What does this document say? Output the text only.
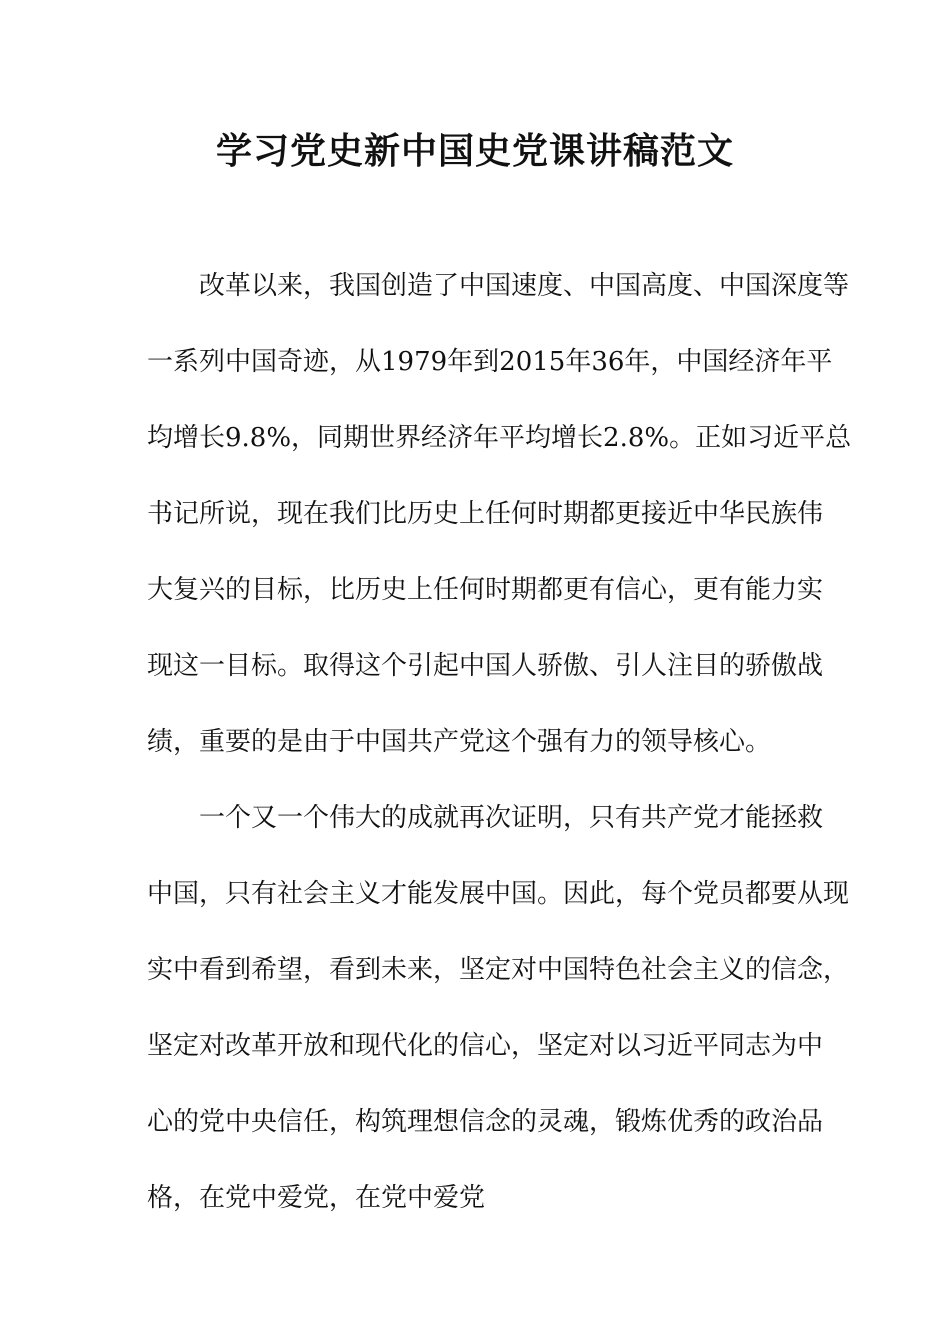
学习党史新中国史党课讲稿范文
改革以来，我国创造了中国速度、中国高度、中国深度等
一系列中国奇迹，从1979年到2015年36年，中国经济年平
均增长9.8%，同期世界经济年平均增长2.8%。正如习近平总
书记所说，现在我们比历史上任何时期都更接近中华民族伟
大复兴的目标，比历史上任何时期都更有信心，更有能力实
现这一目标。取得这个引起中国人骄傲、引人注目的骄傲战
绩，重要的是由于中国共产党这个强有力的领导核心。
一个又一个伟大的成就再次证明，只有共产党才能拯救
中国，只有社会主义才能发展中国。因此，每个党员都要从现
实中看到希望，看到未来，坚定对中国特色社会主义的信念，
坚定对改革开放和现代化的信心，坚定对以习近平同志为中
心的党中央信任，构筑理想信念的灵魂，锻炼优秀的政治品
格，在党中爱党，在党中爱党
